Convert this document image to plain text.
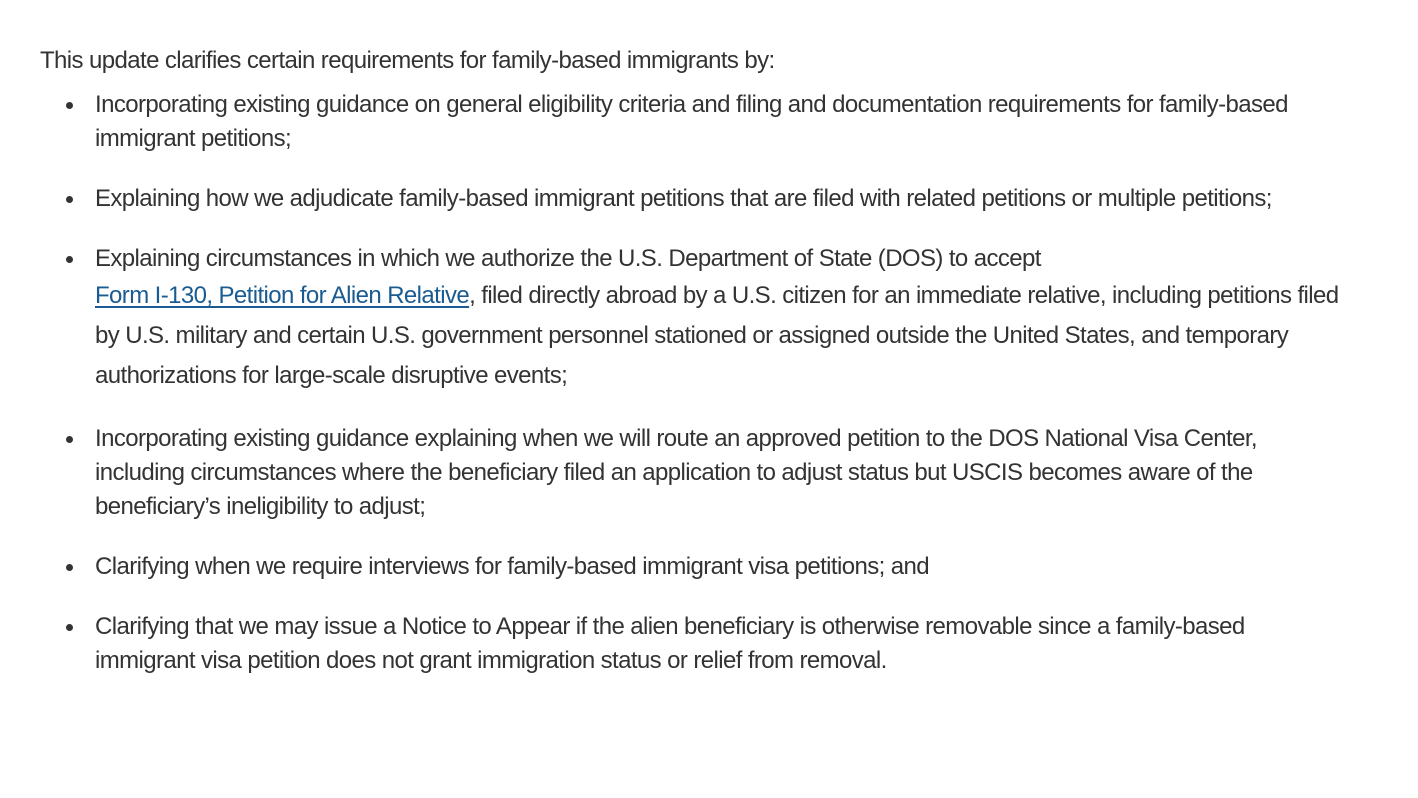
This update clarifies certain requirements for family-based immigrants by:

Incorporating existing guidance on general eligibility criteria and filing and documentation requirements for family-based immigrant petitions;
Explaining how we adjudicate family-based immigrant petitions that are filed with related petitions or multiple petitions;
Explaining circumstances in which we authorize the U.S. Department of State (DOS) to accept
Form I-130, Petition for Alien Relative, filed directly abroad by a U.S. citizen for an immediate relative, including petitions filed by U.S. military and certain U.S. government personnel stationed or assigned outside the United States, and temporary authorizations for large-scale disruptive events;
Incorporating existing guidance explaining when we will route an approved petition to the DOS National Visa Center, including circumstances where the beneficiary filed an application to adjust status but USCIS becomes aware of the beneficiary’s ineligibility to adjust;
Clarifying when we require interviews for family-based immigrant visa petitions; and
Clarifying that we may issue a Notice to Appear if the alien beneficiary is otherwise removable since a family-based immigrant visa petition does not grant immigration status or relief from removal.
